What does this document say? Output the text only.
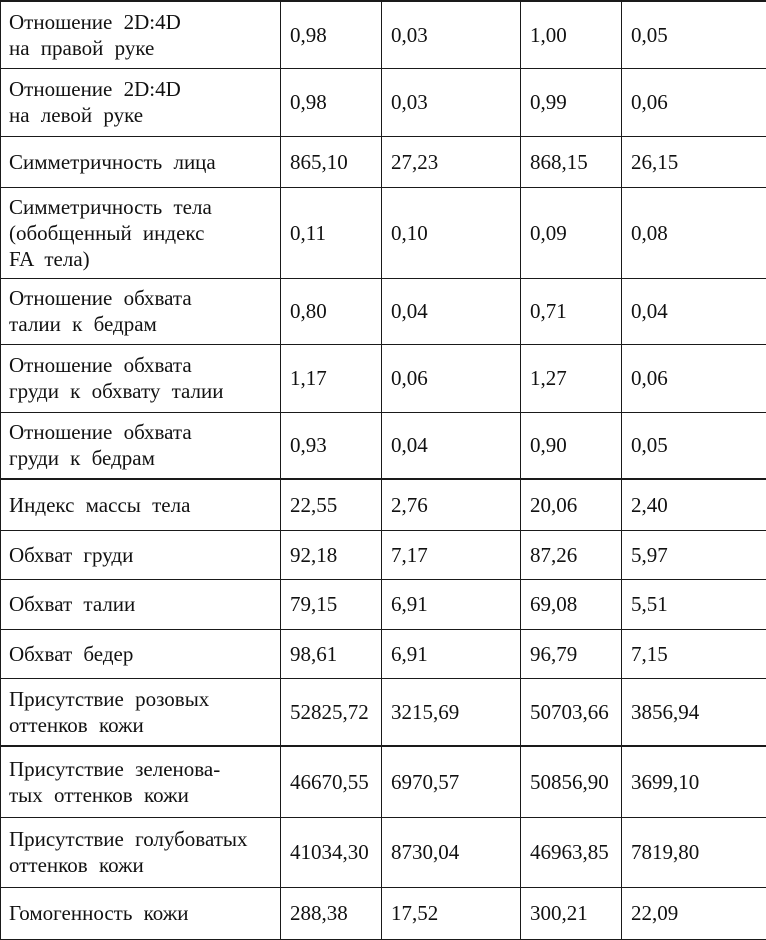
Отношение 2D:4D
на правой руке	0,98	0,03	1,00	0,05
Отношение 2D:4D
на левой руке	0,98	0,03	0,99	0,06
Симметричность лица	865,10	27,23	868,15	26,15
Симметричность тела
(обобщенный индекс
FA тела)	0,11	0,10	0,09	0,08
Отношение обхвата
талии к бедрам	0,80	0,04	0,71	0,04
Отношение обхвата
груди к обхвату талии	1,17	0,06	1,27	0,06
Отношение обхвата
груди к бедрам	0,93	0,04	0,90	0,05
Индекс массы тела	22,55	2,76	20,06	2,40
Обхват груди	92,18	7,17	87,26	5,97
Обхват талии	79,15	6,91	69,08	5,51
Обхват бедер	98,61	6,91	96,79	7,15
Присутствие розовых
оттенков кожи	52825,72	3215,69	50703,66	3856,94
Присутствие зеленова-
тых оттенков кожи	46670,55	6970,57	50856,90	3699,10
Присутствие голубоватых
оттенков кожи	41034,30	8730,04	46963,85	7819,80
Гомогенность кожи	288,38	17,52	300,21	22,09
